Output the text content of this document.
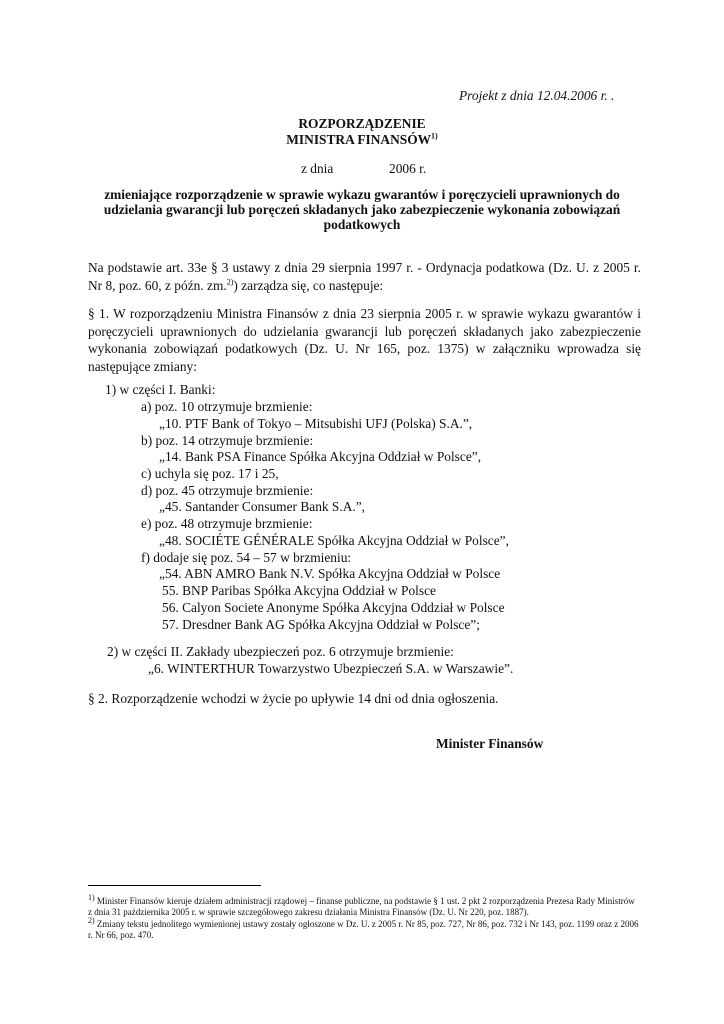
Projekt z dnia 12.04.2006 r. .
ROZPORZĄDZENIE
MINISTRA FINANSÓW$^{1)}$
z dnia	2006 r.
zmieniające rozporządzenie w sprawie wykazu gwarantów i poręczycieli uprawnionych do
udzielania gwarancji lub poręczeń składanych jako zabezpieczenie wykonania zobowiązań
podatkowych
Na podstawie art. 33e § 3 ustawy z dnia 29 sierpnia 1997 r. - Ordynacja podatkowa (Dz. U. z 2005 r. Nr 8, poz. 60, z późn. zm.$^{2)}$) zarządza się, co następuje:
§ 1. W rozporządzeniu Ministra Finansów z dnia 23 sierpnia 2005 r. w sprawie wykazu gwarantów i poręczycieli uprawnionych do udzielania gwarancji lub poręczeń składanych jako zabezpieczenie wykonania zobowiązań podatkowych (Dz. U. Nr 165, poz. 1375) w załączniku wprowadza się następujące zmiany:
1) w części I. Banki:
a) poz. 10 otrzymuje brzmienie:
„10. PTF Bank of Tokyo – Mitsubishi UFJ (Polska) S.A.”,
b) poz. 14 otrzymuje brzmienie:
„14. Bank PSA Finance Spółka Akcyjna Oddział w Polsce”,
c) uchyla się poz. 17 i 25,
d) poz. 45 otrzymuje brzmienie:
„45. Santander Consumer Bank S.A.”,
e) poz. 48 otrzymuje brzmienie:
„48. SOCIÉTE GÉNÉRALE Spółka Akcyjna Oddział w Polsce”,
f) dodaje się poz. 54 – 57 w brzmieniu:
„54. ABN AMRO Bank N.V. Spółka Akcyjna Oddział w Polsce
55. BNP Paribas Spółka Akcyjna Oddział w Polsce
56. Calyon Societe Anonyme Spółka Akcyjna Oddział w Polsce
57. Dresdner Bank AG Spółka Akcyjna Oddział w Polsce”;
2) w części II. Zakłady ubezpieczeń poz. 6 otrzymuje brzmienie:
„6. WINTERTHUR Towarzystwo Ubezpieczeń S.A. w Warszawie”.
§ 2. Rozporządzenie wchodzi w życie po upływie 14 dni od dnia ogłoszenia.
Minister Finansów
$^{1)}$ Minister Finansów kieruje działem administracji rządowej – finanse publiczne, na podstawie § 1 ust. 2 pkt 2 rozporządzenia Prezesa Rady Ministrów z dnia 31 października 2005 r. w sprawie szczegółowego zakresu działania Ministra Finansów (Dz. U. Nr 220, poz. 1887).
$^{2)}$ Zmiany tekstu jednolitego wymienionej ustawy zostały ogłoszone w Dz. U. z 2005 r. Nr 85, poz. 727, Nr 86, poz. 732 i Nr 143, poz. 1199 oraz z 2006 r. Nr 66, poz. 470.
